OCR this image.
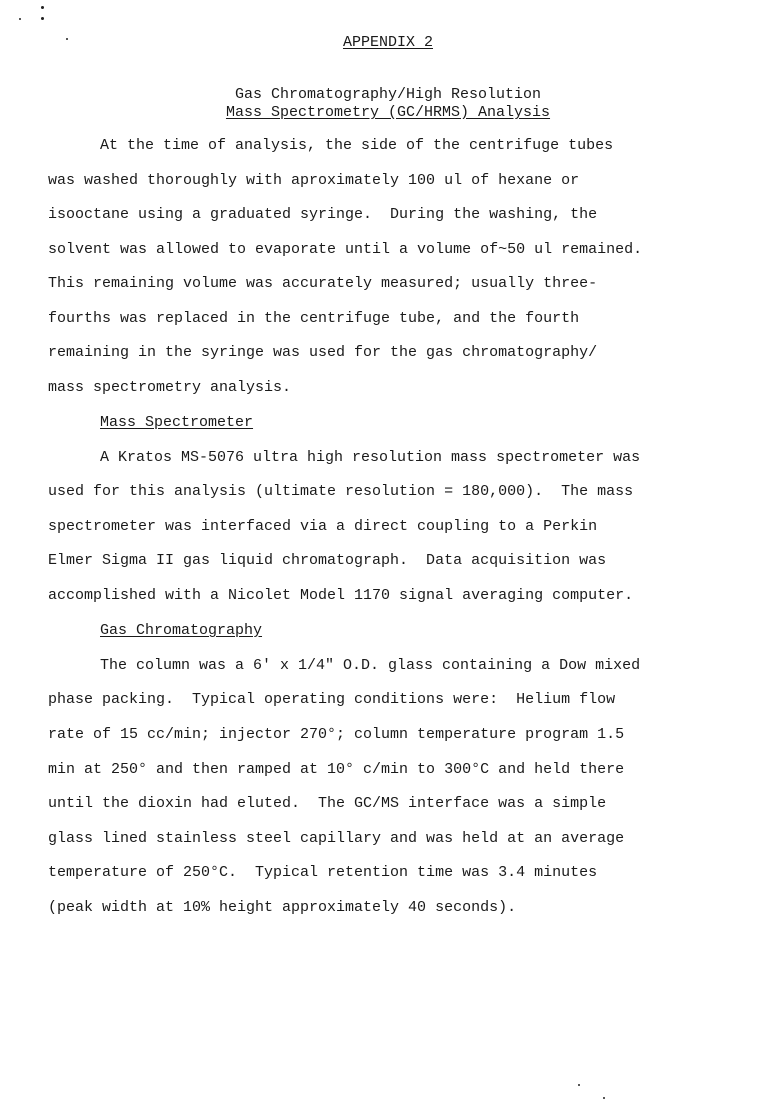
APPENDIX 2
Gas Chromatography/High Resolution
Mass Spectrometry (GC/HRMS) Analysis
At the time of analysis, the side of the centrifuge tubes
was washed thoroughly with aproximately 100 ul of hexane or
isooctane using a graduated syringe.  During the washing, the
solvent was allowed to evaporate until a volume of~50 ul remained.
This remaining volume was accurately measured; usually three-
fourths was replaced in the centrifuge tube, and the fourth
remaining in the syringe was used for the gas chromatography/
mass spectrometry analysis.
Mass Spectrometer
A Kratos MS-5076 ultra high resolution mass spectrometer was
used for this analysis (ultimate resolution = 180,000).  The mass
spectrometer was interfaced via a direct coupling to a Perkin
Elmer Sigma II gas liquid chromatograph.  Data acquisition was
accomplished with a Nicolet Model 1170 signal averaging computer.
Gas Chromatography
The column was a 6' x 1/4" O.D. glass containing a Dow mixed
phase packing.  Typical operating conditions were:  Helium flow
rate of 15 cc/min; injector 270°; column temperature program 1.5
min at 250° and then ramped at 10° c/min to 300°C and held there
until the dioxin had eluted.  The GC/MS interface was a simple
glass lined stainless steel capillary and was held at an average
temperature of 250°C.  Typical retention time was 3.4 minutes
(peak width at 10% height approximately 40 seconds).
